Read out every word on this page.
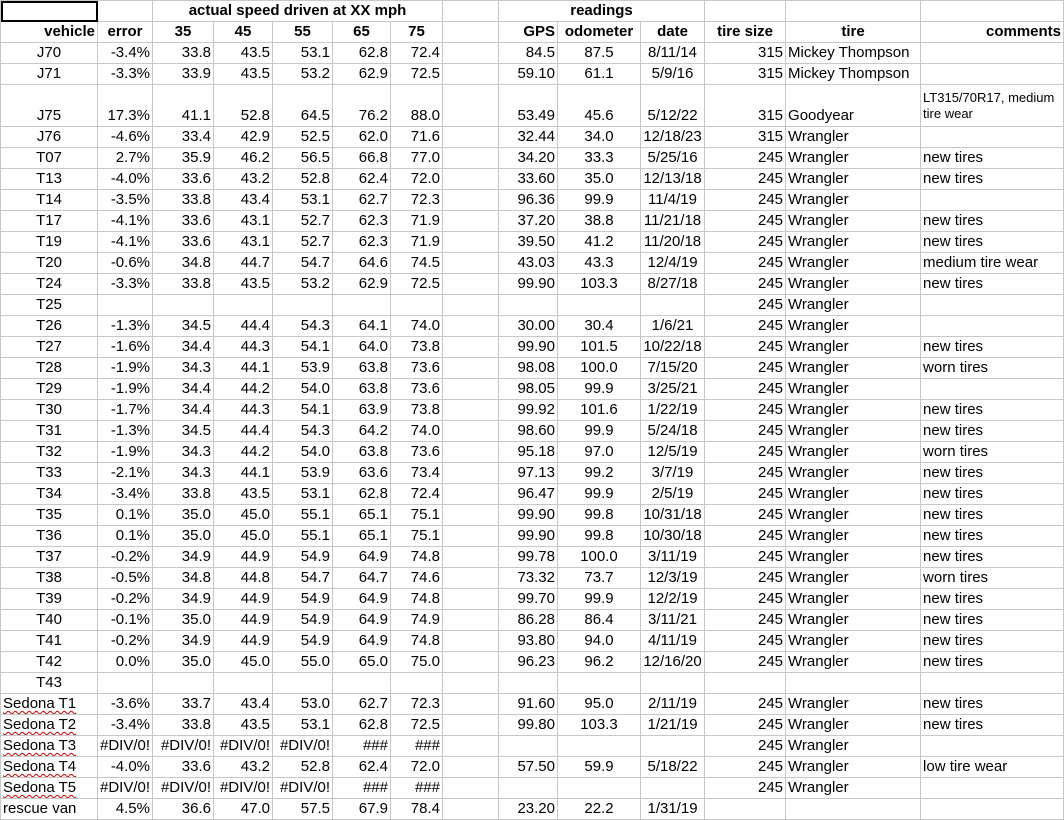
		actual speed driven at XX mph						readings					
vehicle	error	35	45	55	65	75		GPS	odometer	date	tire size	tire	comments
J70	-3.4%	33.8	43.5	53.1	62.8	72.4		84.5	87.5	8/11/14	315	Mickey Thompson	
J71	-3.3%	33.9	43.5	53.2	62.9	72.5		59.10	61.1	5/9/16	315	Mickey Thompson	
J75	17.3%	41.1	52.8	64.5	76.2	88.0		53.49	45.6	5/12/22	315	Goodyear	LT315/70R17, medium tire wear
J76	-4.6%	33.4	42.9	52.5	62.0	71.6		32.44	34.0	12/18/23	315	Wrangler	
T07	2.7%	35.9	46.2	56.5	66.8	77.0		34.20	33.3	5/25/16	245	Wrangler	new tires
T13	-4.0%	33.6	43.2	52.8	62.4	72.0		33.60	35.0	12/13/18	245	Wrangler	new tires
T14	-3.5%	33.8	43.4	53.1	62.7	72.3		96.36	99.9	11/4/19	245	Wrangler	
T17	-4.1%	33.6	43.1	52.7	62.3	71.9		37.20	38.8	11/21/18	245	Wrangler	new tires
T19	-4.1%	33.6	43.1	52.7	62.3	71.9		39.50	41.2	11/20/18	245	Wrangler	new tires
T20	-0.6%	34.8	44.7	54.7	64.6	74.5		43.03	43.3	12/4/19	245	Wrangler	medium tire wear
T24	-3.3%	33.8	43.5	53.2	62.9	72.5		99.90	103.3	8/27/18	245	Wrangler	new tires
T25											245	Wrangler	
T26	-1.3%	34.5	44.4	54.3	64.1	74.0		30.00	30.4	1/6/21	245	Wrangler	
T27	-1.6%	34.4	44.3	54.1	64.0	73.8		99.90	101.5	10/22/18	245	Wrangler	new tires
T28	-1.9%	34.3	44.1	53.9	63.8	73.6		98.08	100.0	7/15/20	245	Wrangler	worn tires
T29	-1.9%	34.4	44.2	54.0	63.8	73.6		98.05	99.9	3/25/21	245	Wrangler	
T30	-1.7%	34.4	44.3	54.1	63.9	73.8		99.92	101.6	1/22/19	245	Wrangler	new tires
T31	-1.3%	34.5	44.4	54.3	64.2	74.0		98.60	99.9	5/24/18	245	Wrangler	new tires
T32	-1.9%	34.3	44.2	54.0	63.8	73.6		95.18	97.0	12/5/19	245	Wrangler	worn tires
T33	-2.1%	34.3	44.1	53.9	63.6	73.4		97.13	99.2	3/7/19	245	Wrangler	new tires
T34	-3.4%	33.8	43.5	53.1	62.8	72.4		96.47	99.9	2/5/19	245	Wrangler	new tires
T35	0.1%	35.0	45.0	55.1	65.1	75.1		99.90	99.8	10/31/18	245	Wrangler	new tires
T36	0.1%	35.0	45.0	55.1	65.1	75.1		99.90	99.8	10/30/18	245	Wrangler	new tires
T37	-0.2%	34.9	44.9	54.9	64.9	74.8		99.78	100.0	3/11/19	245	Wrangler	new tires
T38	-0.5%	34.8	44.8	54.7	64.7	74.6		73.32	73.7	12/3/19	245	Wrangler	worn tires
T39	-0.2%	34.9	44.9	54.9	64.9	74.8		99.70	99.9	12/2/19	245	Wrangler	new tires
T40	-0.1%	35.0	44.9	54.9	64.9	74.9		86.28	86.4	3/11/21	245	Wrangler	new tires
T41	-0.2%	34.9	44.9	54.9	64.9	74.8		93.80	94.0	4/11/19	245	Wrangler	new tires
T42	0.0%	35.0	45.0	55.0	65.0	75.0		96.23	96.2	12/16/20	245	Wrangler	new tires
T43													
Sedona T1	-3.6%	33.7	43.4	53.0	62.7	72.3		91.60	95.0	2/11/19	245	Wrangler	new tires
Sedona T2	-3.4%	33.8	43.5	53.1	62.8	72.5		99.80	103.3	1/21/19	245	Wrangler	new tires
Sedona T3	#DIV/0!	#DIV/0!	#DIV/0!	#DIV/0!	###	###					245	Wrangler	
Sedona T4	-4.0%	33.6	43.2	52.8	62.4	72.0		57.50	59.9	5/18/22	245	Wrangler	low tire wear
Sedona T5	#DIV/0!	#DIV/0!	#DIV/0!	#DIV/0!	###	###					245	Wrangler	
rescue van	4.5%	36.6	47.0	57.5	67.9	78.4		23.20	22.2	1/31/19			
